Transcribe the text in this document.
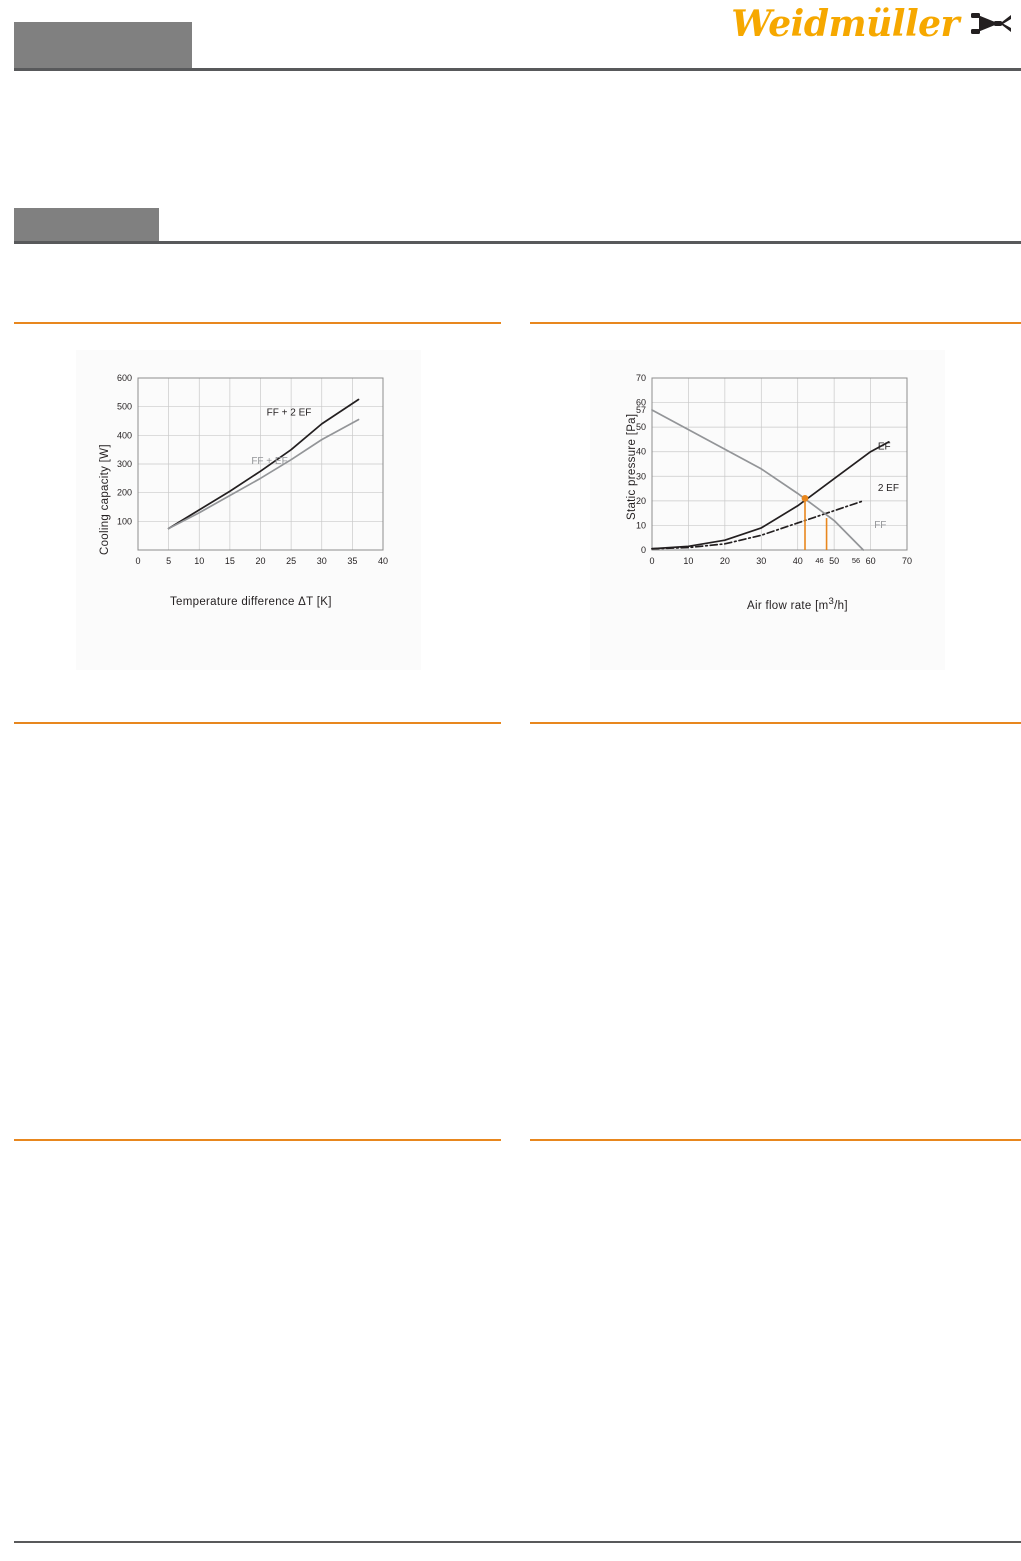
Weidmüller
0	5	10 15 20 25 30 35 40
100
200
300
400
500
600
FF + 2 EF
FF + EF
Temperature difference ΔT [K]
Cooling capacity [W]
0	10	20	30	40	50	60	70
0
10
20
30
40
50
57
60
70
EF
2 EF
FF
46	56
Air flow rate $[m^3/h]$
Static pressure [Pa]
